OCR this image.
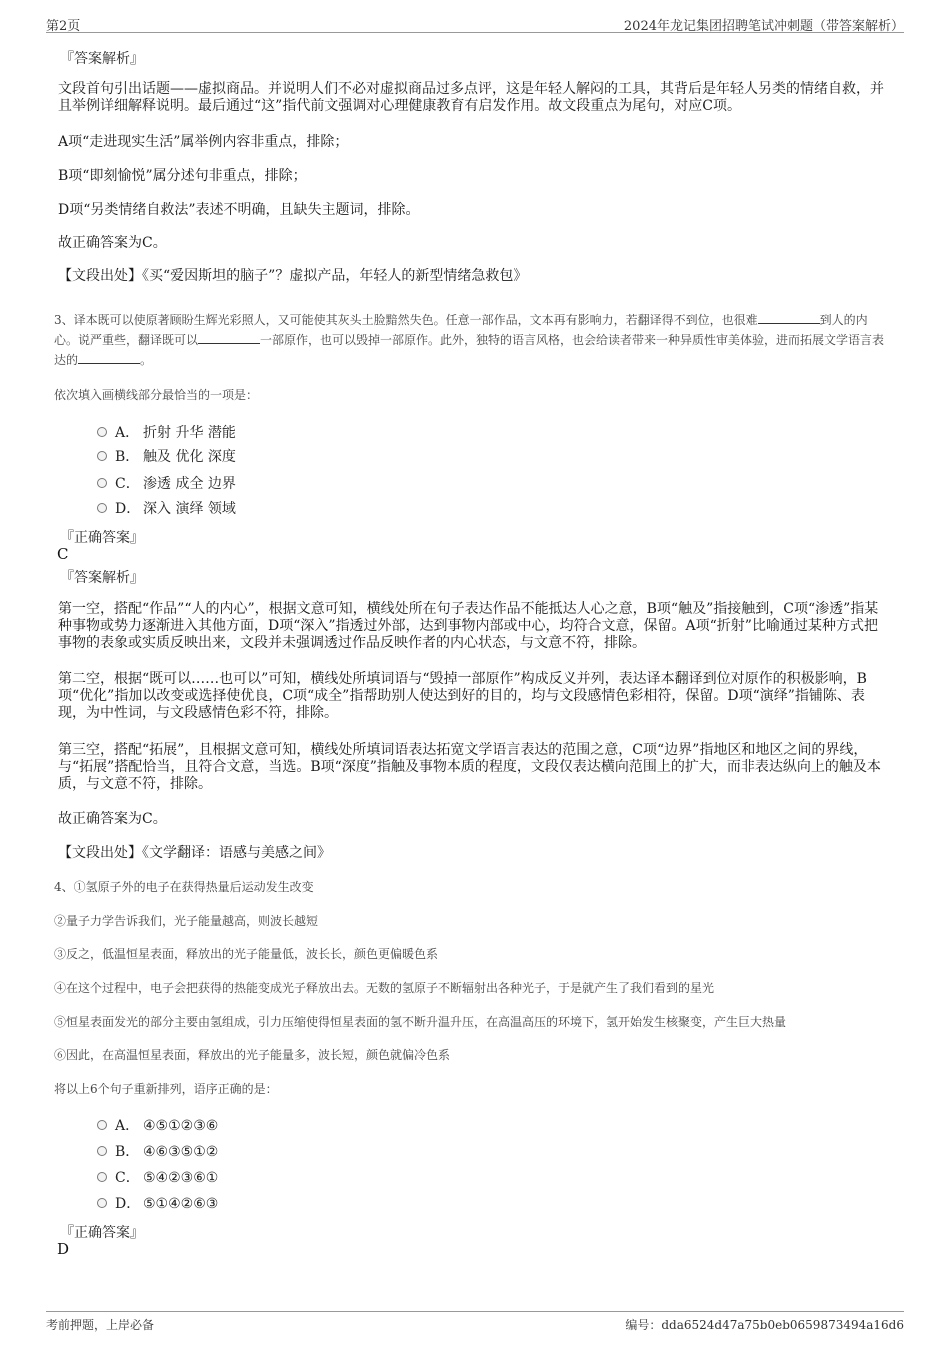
第2页	2024年龙记集团招聘笔试冲刺题（带答案解析）
『答案解析』
文段首句引出话题——虚拟商品。并说明人们不必对虚拟商品过多点评，这是年轻人解闷的工具，其背后是年轻人另类的情绪自救，并且举例详细解释说明。最后通过“这”指代前文强调对心理健康教育有启发作用。故文段重点为尾句，对应C项。
A项“走进现实生活”属举例内容非重点，排除；
B项“即刻愉悦”属分述句非重点，排除；
D项“另类情绪自救法”表述不明确，且缺失主题词，排除。
故正确答案为C。
【文段出处】《买“爱因斯坦的脑子”？虚拟产品，年轻人的新型情绪急救包》
3、译本既可以使原著顾盼生辉光彩照人，又可能使其灰头土脸黯然失色。任意一部作品，文本再有影响力，若翻译得不到位，也很难	到人的内心。说严重些，翻译既可以	一部原作，也可以毁掉一部原作。此外，独特的语言风格，也会给读者带来一种异质性审美体验，进而拓展文学语言表达的	。
依次填入画横线部分最恰当的一项是：
A． 折射 升华 潜能
B． 触及 优化 深度
C． 渗透 成全 边界
D． 深入 演绎 领域
『正确答案』
C
『答案解析』
第一空，搭配“作品”“人的内心”，根据文意可知，横线处所在句子表达作品不能抵达人心之意，B项“触及”指接触到，C项“渗透”指某种事物或势力逐渐进入其他方面，D项“深入”指透过外部，达到事物内部或中心，均符合文意，保留。A项“折射”比喻通过某种方式把事物的表象或实质反映出来，文段并未强调透过作品反映作者的内心状态，与文意不符，排除。
第二空，根据“既可以……也可以”可知，横线处所填词语与“毁掉一部原作”构成反义并列，表达译本翻译到位对原作的积极影响，B项“优化”指加以改变或选择使优良，C项“成全”指帮助别人使达到好的目的，均与文段感情色彩相符，保留。D项“演绎”指铺陈、表现，为中性词，与文段感情色彩不符，排除。
第三空，搭配“拓展”，且根据文意可知，横线处所填词语表达拓宽文学语言表达的范围之意，C项“边界”指地区和地区之间的界线，与“拓展”搭配恰当，且符合文意，当选。B项“深度”指触及事物本质的程度，文段仅表达横向范围上的扩大，而非表达纵向上的触及本质，与文意不符，排除。
故正确答案为C。
【文段出处】《文学翻译：语感与美感之间》
4、①氢原子外的电子在获得热量后运动发生改变
②量子力学告诉我们，光子能量越高，则波长越短
③反之，低温恒星表面，释放出的光子能量低，波长长，颜色更偏暖色系
④在这个过程中，电子会把获得的热能变成光子释放出去。无数的氢原子不断辐射出各种光子，于是就产生了我们看到的星光
⑤恒星表面发光的部分主要由氢组成，引力压缩使得恒星表面的氢不断升温升压，在高温高压的环境下，氢开始发生核聚变，产生巨大热量
⑥因此，在高温恒星表面，释放出的光子能量多，波长短，颜色就偏冷色系
将以上6个句子重新排列，语序正确的是：
A． ④⑤①②③⑥
B． ④⑥③⑤①②
C． ⑤④②③⑥①
D． ⑤①④②⑥③
『正确答案』
D
考前押题，上岸必备	编号：dda6524d47a75b0eb0659873494a16d6
